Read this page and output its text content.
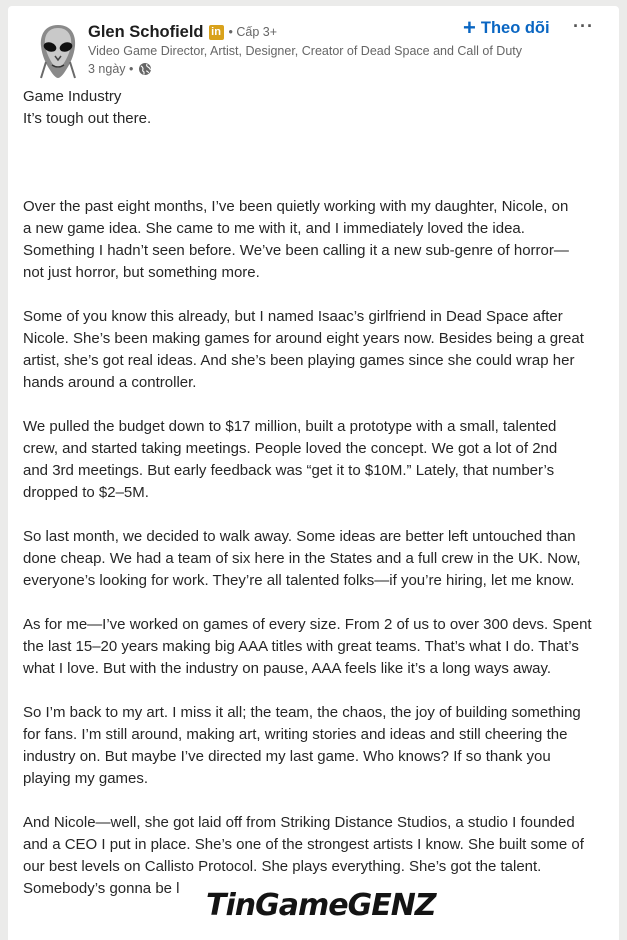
Glen Schofield in • Cấp 3+
Video Game Director, Artist, Designer, Creator of Dead Space and Call of Duty
3 ngày •
+ Theo dõi ···

Game Industry
It’s tough out there.

Over the past eight months, I’ve been quietly working with my daughter, Nicole, on
a new game idea. She came to me with it, and I immediately loved the idea.
Something I hadn’t seen before. We’ve been calling it a new sub-genre of horror—
not just horror, but something more.

Some of you know this already, but I named Isaac’s girlfriend in Dead Space after
Nicole. She’s been making games for around eight years now. Besides being a great
artist, she’s got real ideas. And she’s been playing games since she could wrap her
hands around a controller.

We pulled the budget down to $17 million, built a prototype with a small, talented
crew, and started taking meetings. People loved the concept. We got a lot of 2nd
and 3rd meetings. But early feedback was “get it to $10M.” Lately, that number’s
dropped to $2–5M.

So last month, we decided to walk away. Some ideas are better left untouched than
done cheap. We had a team of six here in the States and a full crew in the UK. Now,
everyone’s looking for work. They’re all talented folks—if you’re hiring, let me know.

As for me—I’ve worked on games of every size. From 2 of us to over 300 devs. Spent
the last 15–20 years making big AAA titles with great teams. That’s what I do. That’s
what I love. But with the industry on pause, AAA feels like it’s a long ways away.

So I’m back to my art. I miss it all; the team, the chaos, the joy of building something
for fans. I’m still around, making art, writing stories and ideas and still cheering the
industry on. But maybe I’ve directed my last game. Who knows? If so thank you
playing my games.

And Nicole—well, she got laid off from Striking Distance Studios, a studio I founded
and a CEO I put in place. She’s one of the strongest artists I know. She built some of
our best levels on Callisto Protocol. She plays everything. She’s got the talent.
Somebody’s gonna be l TinGameGENZ
